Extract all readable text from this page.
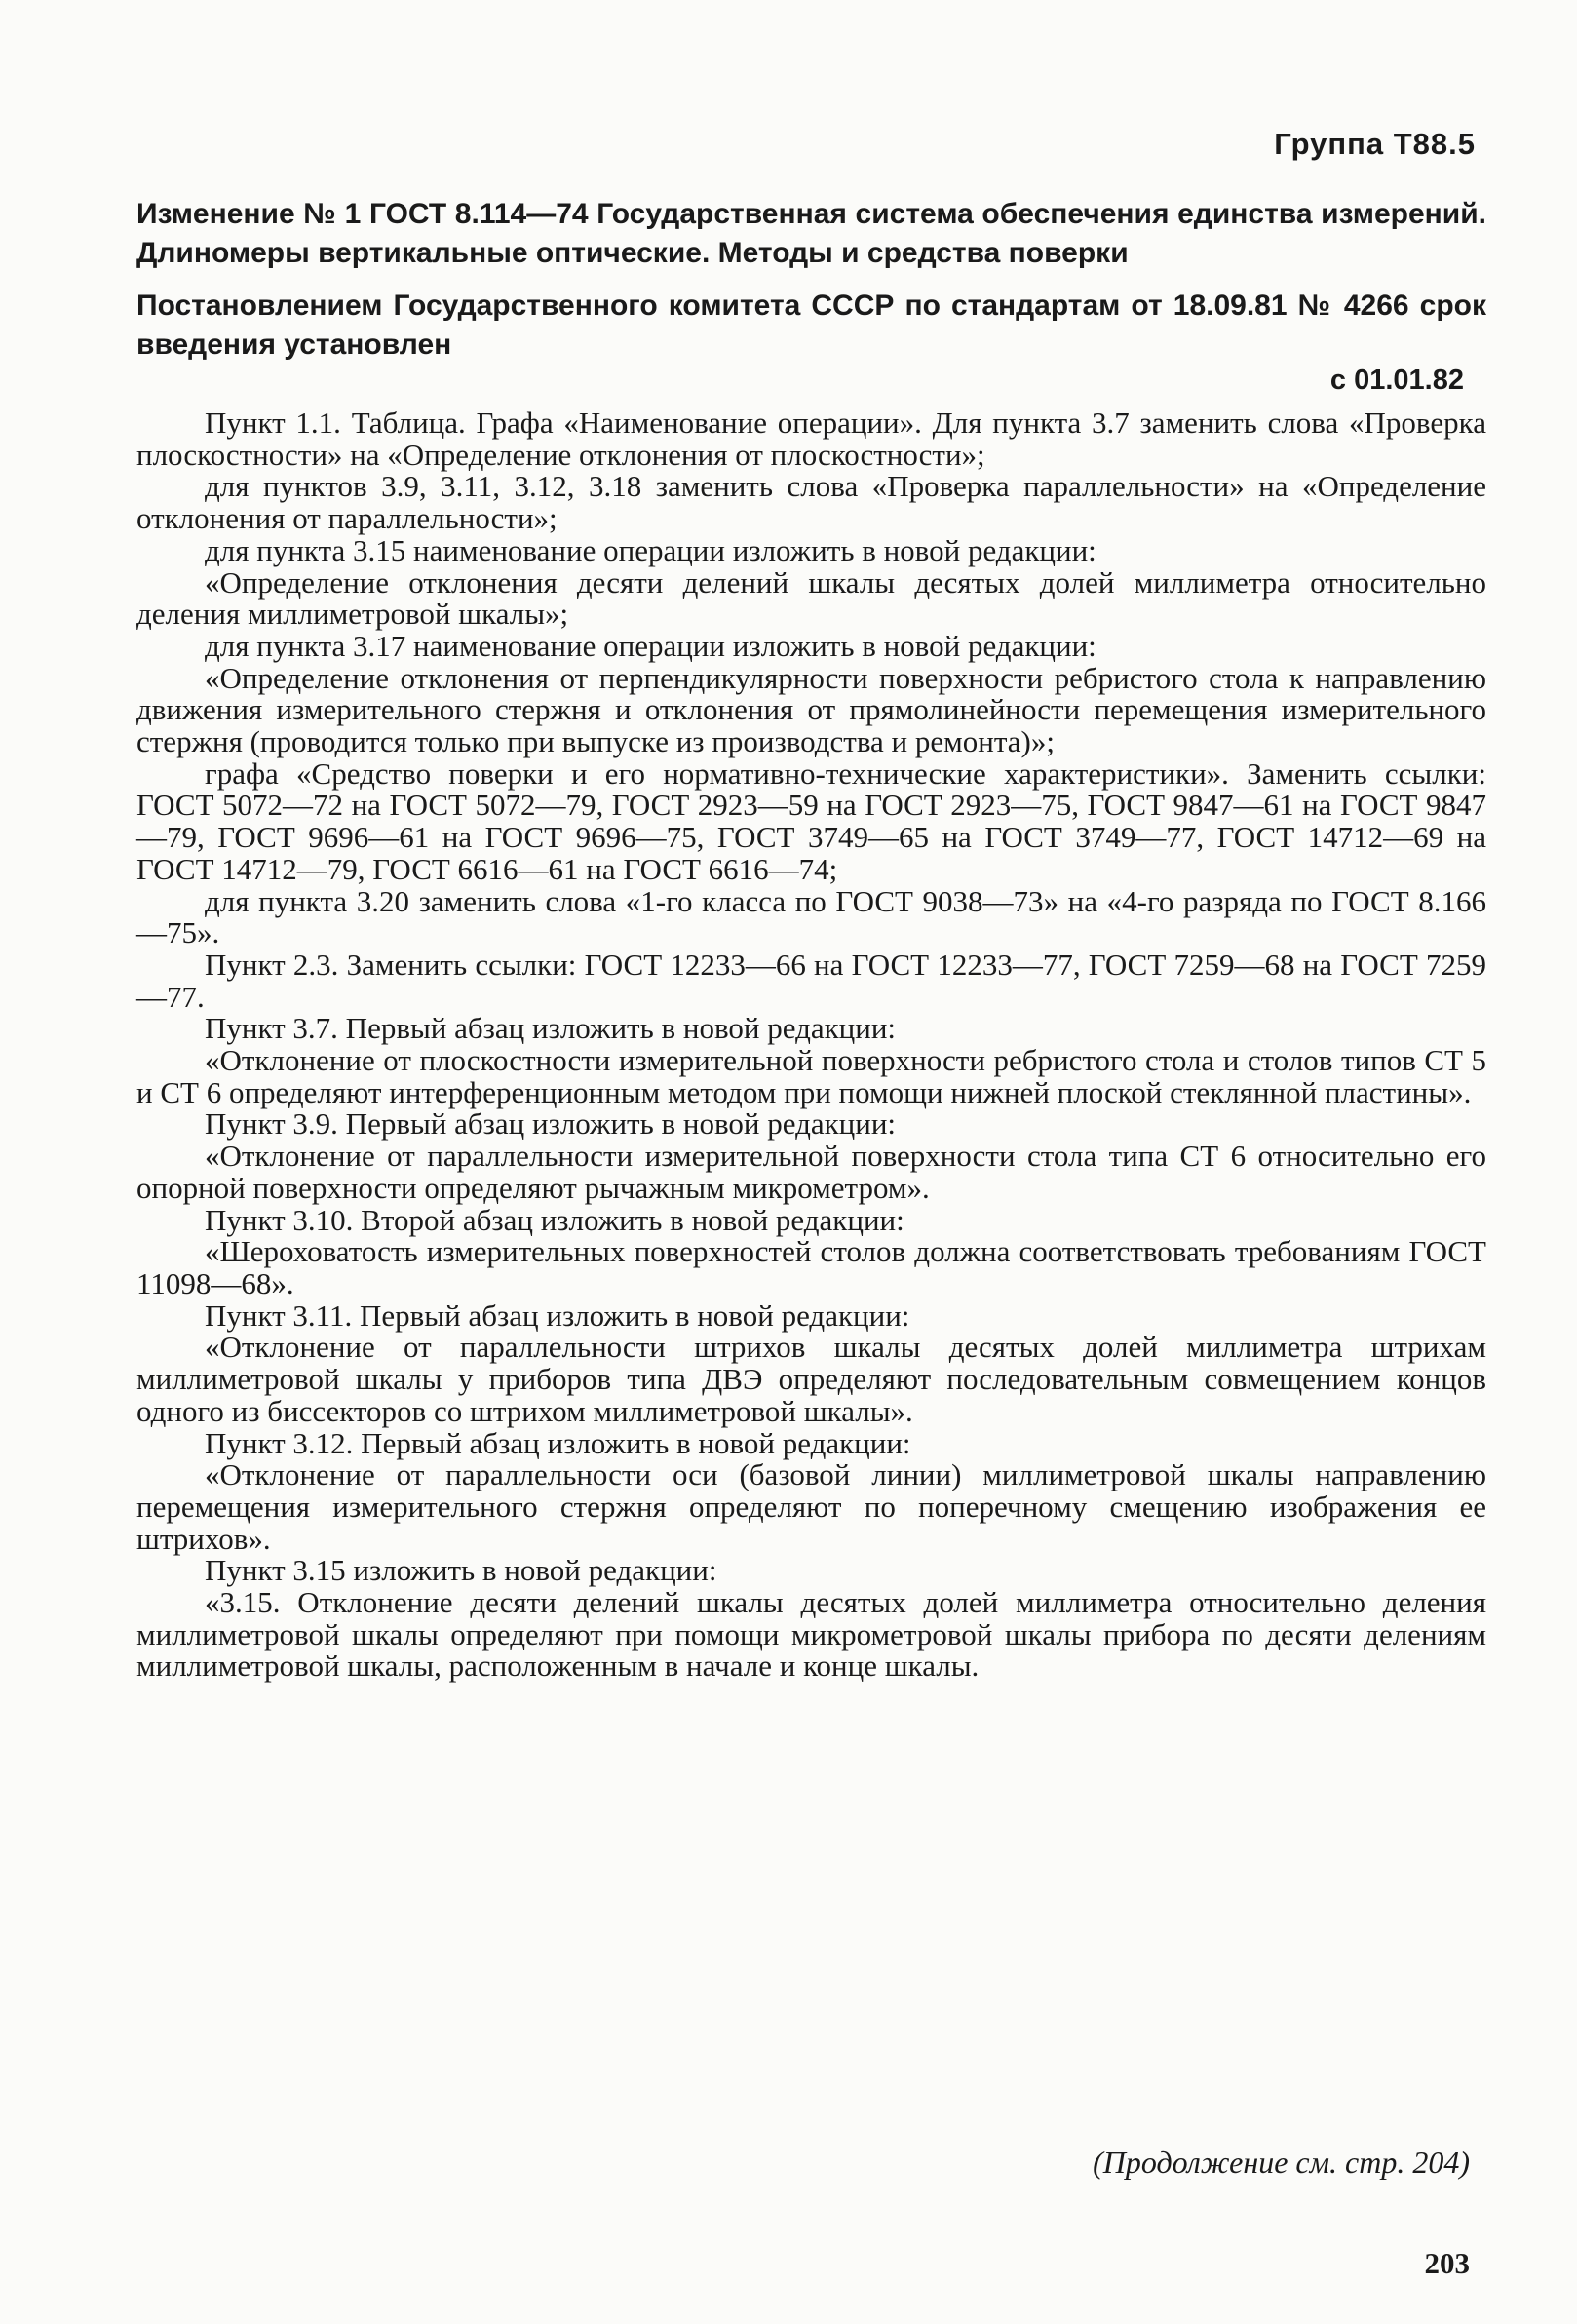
Группа Т88.5
Изменение № 1 ГОСТ 8.114—74 Государственная система обеспечения единства измерений. Длиномеры вертикальные оптические. Методы и средства поверки
Постановлением Государственного комитета СССР по стандартам от 18.09.81 № 4266 срок введения установлен
с 01.01.82

Пункт 1.1. Таблица. Графа «Наименование операции». Для пункта 3.7 заменить слова «Проверка плоскостности» на «Определение отклонения от плоскостности»;

для пунктов 3.9, 3.11, 3.12, 3.18 заменить слова «Проверка параллельности» на «Определение отклонения от параллельности»;

для пункта 3.15 наименование операции изложить в новой редакции:

«Определение отклонения десяти делений шкалы десятых долей миллиметра относительно деления миллиметровой шкалы»;

для пункта 3.17 наименование операции изложить в новой редакции:

«Определение отклонения от перпендикулярности поверхности ребристого стола к направлению движения измерительного стержня и отклонения от прямолинейности перемещения измерительного стержня (проводится только при выпуске из производства и ремонта)»;

графа «Средство поверки и его нормативно-технические характеристики». Заменить ссылки: ГОСТ 5072—72 на ГОСТ 5072—79, ГОСТ 2923—59 на ГОСТ 2923—75, ГОСТ 9847—61 на ГОСТ 9847—79, ГОСТ 9696—61 на ГОСТ 9696—75, ГОСТ 3749—65 на ГОСТ 3749—77, ГОСТ 14712—69 на ГОСТ 14712—79, ГОСТ 6616—61 на ГОСТ 6616—74;

для пункта 3.20 заменить слова «1-го класса по ГОСТ 9038—73» на «4-го разряда по ГОСТ 8.166—75».

Пункт 2.3. Заменить ссылки: ГОСТ 12233—66 на ГОСТ 12233—77, ГОСТ 7259—68 на ГОСТ 7259—77.

Пункт 3.7. Первый абзац изложить в новой редакции:

«Отклонение от плоскостности измерительной поверхности ребристого стола и столов типов СТ 5 и СТ 6 определяют интерференционным методом при помощи нижней плоской стеклянной пластины».

Пункт 3.9. Первый абзац изложить в новой редакции:

«Отклонение от параллельности измерительной поверхности стола типа СТ 6 относительно его опорной поверхности определяют рычажным микрометром».

Пункт 3.10. Второй абзац изложить в новой редакции:

«Шероховатость измерительных поверхностей столов должна соответствовать требованиям ГОСТ 11098—68».

Пункт 3.11. Первый абзац изложить в новой редакции:

«Отклонение от параллельности штрихов шкалы десятых долей миллиметра штрихам миллиметровой шкалы у приборов типа ДВЭ определяют последовательным совмещением концов одного из биссекторов со штрихом миллиметровой шкалы».

Пункт 3.12. Первый абзац изложить в новой редакции:

«Отклонение от параллельности оси (базовой линии) миллиметровой шкалы направлению перемещения измерительного стержня определяют по поперечному смещению изображения ее штрихов».

Пункт 3.15 изложить в новой редакции:

«3.15. Отклонение десяти делений шкалы десятых долей миллиметра относительно деления миллиметровой шкалы определяют при помощи микрометровой шкалы прибора по десяти делениям миллиметровой шкалы, расположенным в начале и конце шкалы.

(Продолжение см. стр. 204)
203
